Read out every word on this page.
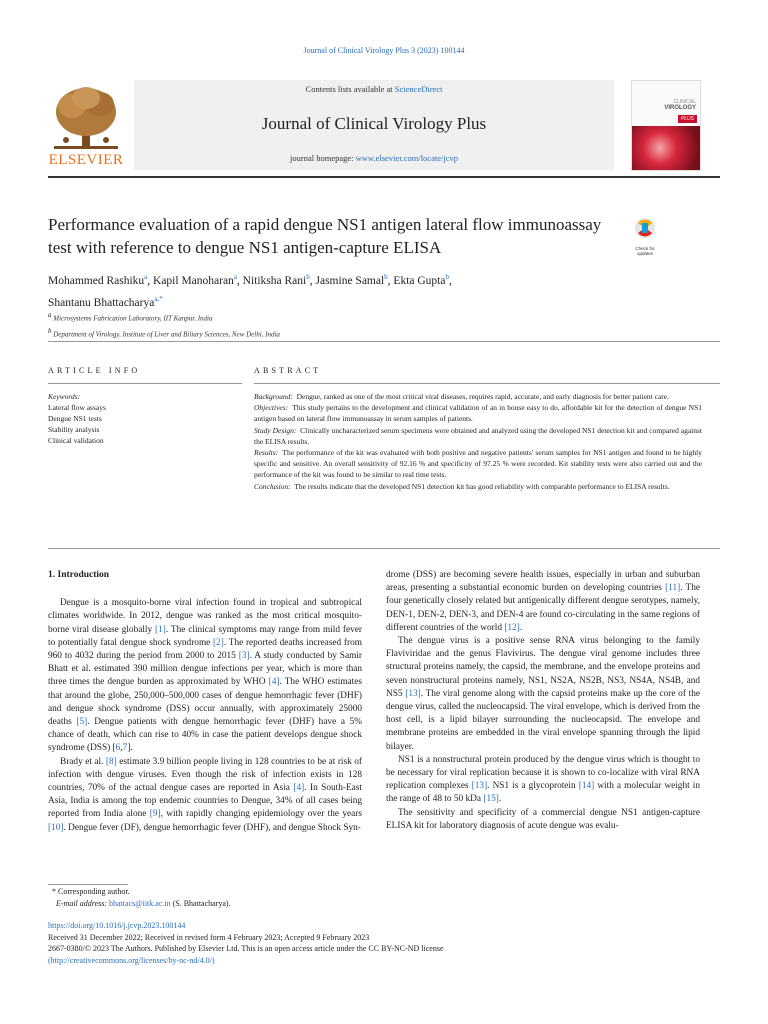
Journal of Clinical Virology Plus 3 (2023) 100144
ELSEVIER
Contents lists available at ScienceDirect
Journal of Clinical Virology Plus
journal homepage: www.elsevier.com/locate/jcvp
CLINICAL
VIROLOGY
PLUS
Performance evaluation of a rapid dengue NS1 antigen lateral flow immunoassay test with reference to dengue NS1 antigen-capture ELISA	Check for
updates
Mohammed Rashiku$^a$, Kapil Manoharan$^a$, Nitiksha Rani$^b$, Jasmine Samal$^b$, Ekta Gupta$^b$,
Shantanu Bhattacharya$^{a,*}$
$^a$ Microsystems Fabrication Laboratory, IIT Kanpur, India
$^b$ Department of Virology, Institute of Liver and Biliary Sciences, New Delhi, India
ARTICLE INFO	ABSTRACT
Keywords:
Lateral flow assays
Dengue NS1 tests
Stability analysis
Clinical validation

Background: Dengue, ranked as one of the most critical viral diseases, requires rapid, accurate, and early diagnosis for better patient care.

Objectives: This study pertains to the development and clinical validation of an in house easy to do, affordable kit for the detection of dengue NS1 antigen based on lateral flow immunoassay in serum samples of patients.

Study Design: Clinically uncharacterized serum specimens were obtained and analyzed using the developed NS1 detection kit and compared against the ELISA results.

Results: The performance of the kit was evaluated with both positive and negative patients' serum samples for NS1 antigen and found to be highly specific and sensitive. An overall sensitivity of 92.16 % and specificity of 97.25 % were recorded. Kit stability tests were also carried out and the performance of the kit was found to be similar to real time tests.

Conclusion: The results indicate that the developed NS1 detection kit has good reliability with comparable performance to ELISA results.

1. Introduction

Dengue is a mosquito-borne viral infection found in tropical and subtropical climates worldwide. In 2012, dengue was ranked as the most critical mosquito-borne viral disease globally [1]. The clinical symptoms may range from mild fever to potentially fatal dengue shock syndrome [2]. The reported deaths increased from 960 to 4032 during the period from 2000 to 2015 [3]. A study conducted by Samir Bhatt et al. estimated 390 million dengue infections per year, which is more than three times the dengue burden as approximated by WHO [4]. The WHO estimates that around the globe, 250,000–500,000 cases of dengue hemorrhagic fever (DHF) and dengue shock syndrome (DSS) occur annually, with approximately 25000 deaths [5]. Dengue patients with dengue hemorrhagic fever (DHF) have a 5% chance of death, which can rise to 40% in case the patient develops dengue shock syndrome (DSS) [6,7].

Brady et al. [8] estimate 3.9 billion people living in 128 countries to be at risk of infection with dengue viruses. Even though the risk of infection exists in 128 countries, 70% of the actual dengue cases are reported in Asia [4]. In South-East Asia, India is among the top endemic countries to Dengue, 34% of all cases being reported from India alone [9], with rapidly changing epidemiology over the years [10]. Dengue fever (DF), dengue hemorrhagic fever (DHF), and dengue Shock Syn-

drome (DSS) are becoming severe health issues, especially in urban and suburban areas, presenting a substantial economic burden on developing countries [11]. The four genetically closely related but antigenically different dengue serotypes, namely, DEN-1, DEN-2, DEN-3, and DEN-4 are found co-circulating in the same regions of different countries of the world [12].

The dengue virus is a positive sense RNA virus belonging to the family Flaviviridae and the genus Flavivirus. The dengue viral genome includes three structural proteins namely, the capsid, the membrane, and the envelope proteins and seven nonstructural proteins namely, NS1, NS2A, NS2B, NS3, NS4A, NS4B, and NS5 [13]. The viral genome along with the capsid proteins make up the core of the dengue virus, called the nucleocapsid. The viral envelope, which is derived from the host cell, is a lipid bilayer surrounding the nucleocapsid. The envelope and membrane proteins are embedded in the viral envelope spanning through the lipid bilayer.

NS1 is a nonstructural protein produced by the dengue virus which is thought to be necessary for viral replication because it is shown to co-localize with viral RNA replication complexes [13]. NS1 is a glycoprotein [14] with a molecular weight in the range of 48 to 50 kDa [15].

The sensitivity and specificity of a commercial dengue NS1 antigen-capture ELISA kit for laboratory diagnosis of acute dengue was evalu-

* Corresponding author.
E-mail address: bhattacs@iitk.ac.in (S. Bhattacharya).
https://doi.org/10.1016/j.jcvp.2023.100144
Received 31 December 2022; Received in revised form 4 February 2023; Accepted 9 February 2023
2667-0380/© 2023 The Authors. Published by Elsevier Ltd. This is an open access article under the CC BY-NC-ND license
(http://creativecommons.org/licenses/by-nc-nd/4.0/)
